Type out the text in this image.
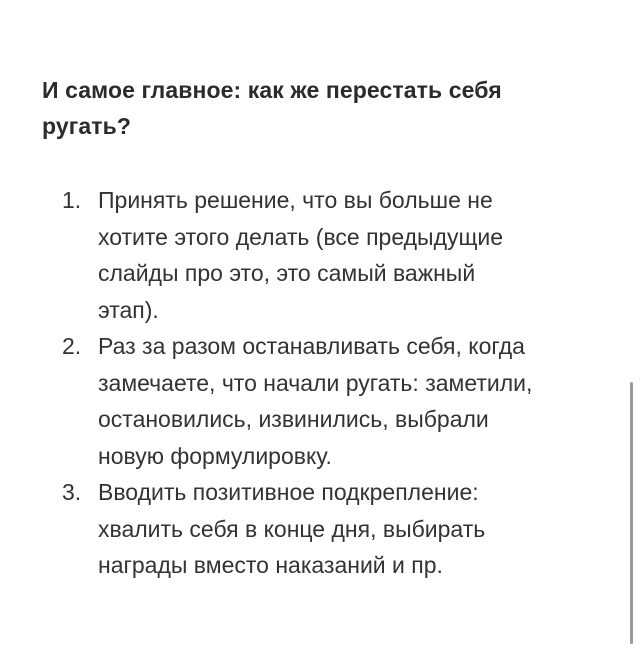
И самое главное: как же перестать себя
ругать?
1. Принять решение, что вы больше не
хотите этого делать (все предыдущие
слайды про это, это самый важный
этап).
2. Раз за разом останавливать себя, когда
замечаете, что начали ругать: заметили,
остановились, извинились, выбрали
новую формулировку.
3. Вводить позитивное подкрепление:
хвалить себя в конце дня, выбирать
награды вместо наказаний и пр.
